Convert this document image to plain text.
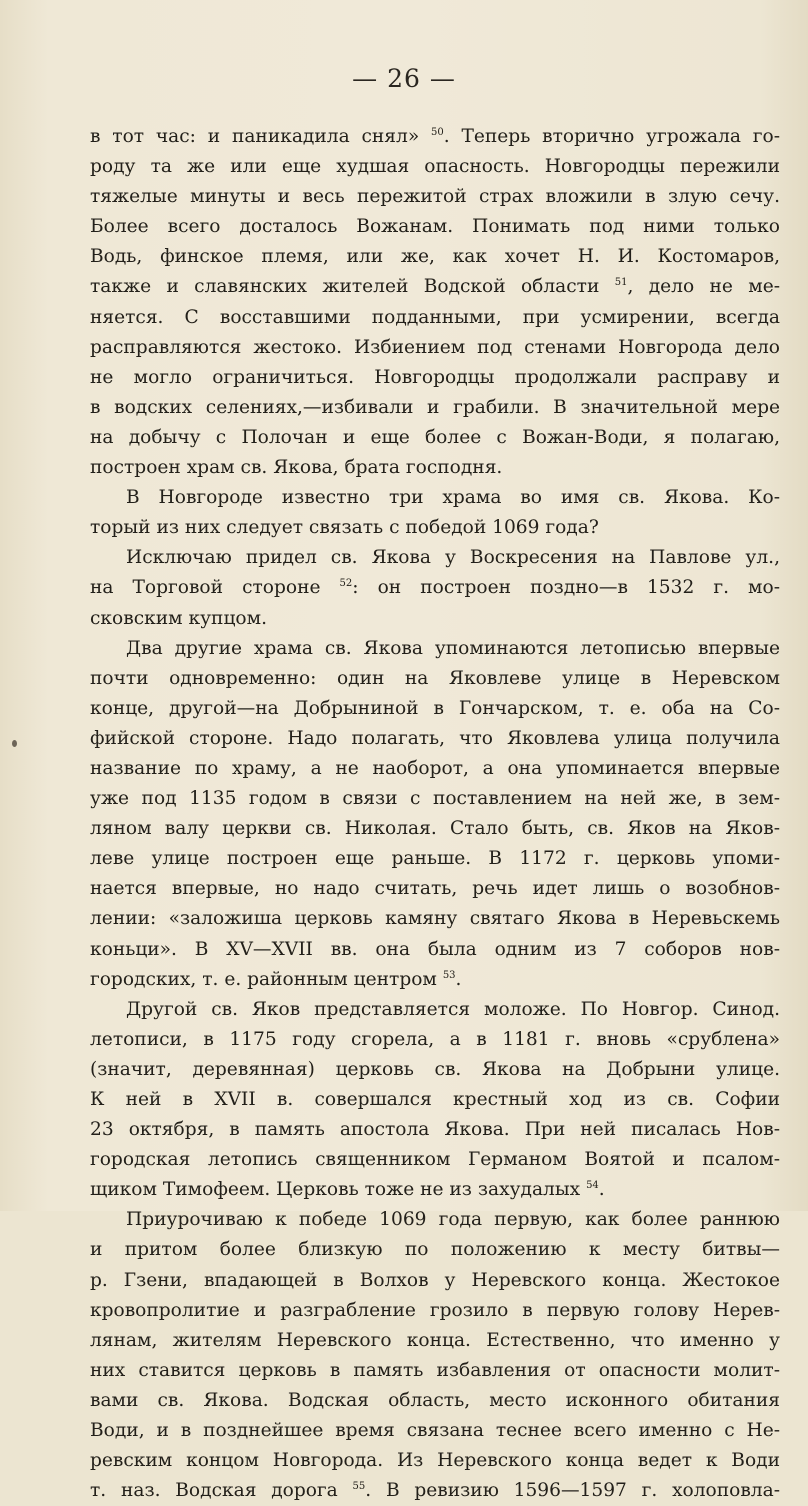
— 26 —
в тот час: и паникадила снял» $^{50}$. Теперь вторично угрожала го-
роду та же или еще худшая опасность. Новгородцы пережили
тяжелые минуты и весь пережитой страх вложили в злую сечу.
Более всего досталось Вожанам. Понимать под ними только
Водь, финское племя, или же, как хочет Н. И. Костомаров,
также и славянских жителей Водской области $^{51}$, дело не ме-
няется. С восставшими подданными, при усмирении, всегда
расправляются жестоко. Избиением под стенами Новгорода дело
не могло ограничиться. Новгородцы продолжали расправу и
в водских селениях,—избивали и грабили. В значительной мере
на добычу с Полочан и еще более с Вожан-Води, я полагаю,
построен храм св. Якова, брата господня.
В Новгороде известно три храма во имя св. Якова. Ко-
торый из них следует связать с победой 1069 года?
Исключаю придел св. Якова у Воскресения на Павлове ул.,
на Торговой стороне $^{52}$: он построен поздно—в 1532 г. мо-
сковским купцом.
Два другие храма св. Якова упоминаются летописью впервые
почти одновременно: один на Яковлеве улице в Неревском
конце, другой—на Добрыниной в Гончарском, т. е. оба на Со-
фийской стороне. Надо полагать, что Яковлева улица получила
название по храму, а не наоборот, а она упоминается впервые
уже под 1135 годом в связи с поставлением на ней же, в зем-
ляном валу церкви св. Николая. Стало быть, св. Яков на Яков-
леве улице построен еще раньше. В 1172 г. церковь упоми-
нается впервые, но надо считать, речь идет лишь о возобнов-
лении: «заложиша церковь камяну святаго Якова в Неревьскемь
коньци». В XV—XVII вв. она была одним из 7 соборов нов-
городских, т. е. районным центром $^{53}$.
Другой св. Яков представляется моложе. По Новгор. Синод.
летописи, в 1175 году сгорела, а в 1181 г. вновь «срублена»
(значит, деревянная) церковь св. Якова на Добрыни улице.
К ней в XVII в. совершался крестный ход из св. Софии
23 октября, в память апостола Якова. При ней писалась Нов-
городская летопись священником Германом Воятой и псалом-
щиком Тимофеем. Церковь тоже не из захудалых $^{54}$.
Приурочиваю к победе 1069 года первую, как более раннюю
и притом более близкую по положению к месту битвы—
р. Гзени, впадающей в Волхов у Неревского конца. Жестокое
кровопролитие и разграбление грозило в первую голову Нерев-
лянам, жителям Неревского конца. Естественно, что именно у
них ставится церковь в память избавления от опасности молит-
вами св. Якова. Водская область, место исконного обитания
Води, и в позднейшее время связана теснее всего именно с Не-
ревским концом Новгорода. Из Неревского конца ведет к Води
т. наз. Водская дорога $^{55}$. В ревизию 1596—1597 г. холоповла-
